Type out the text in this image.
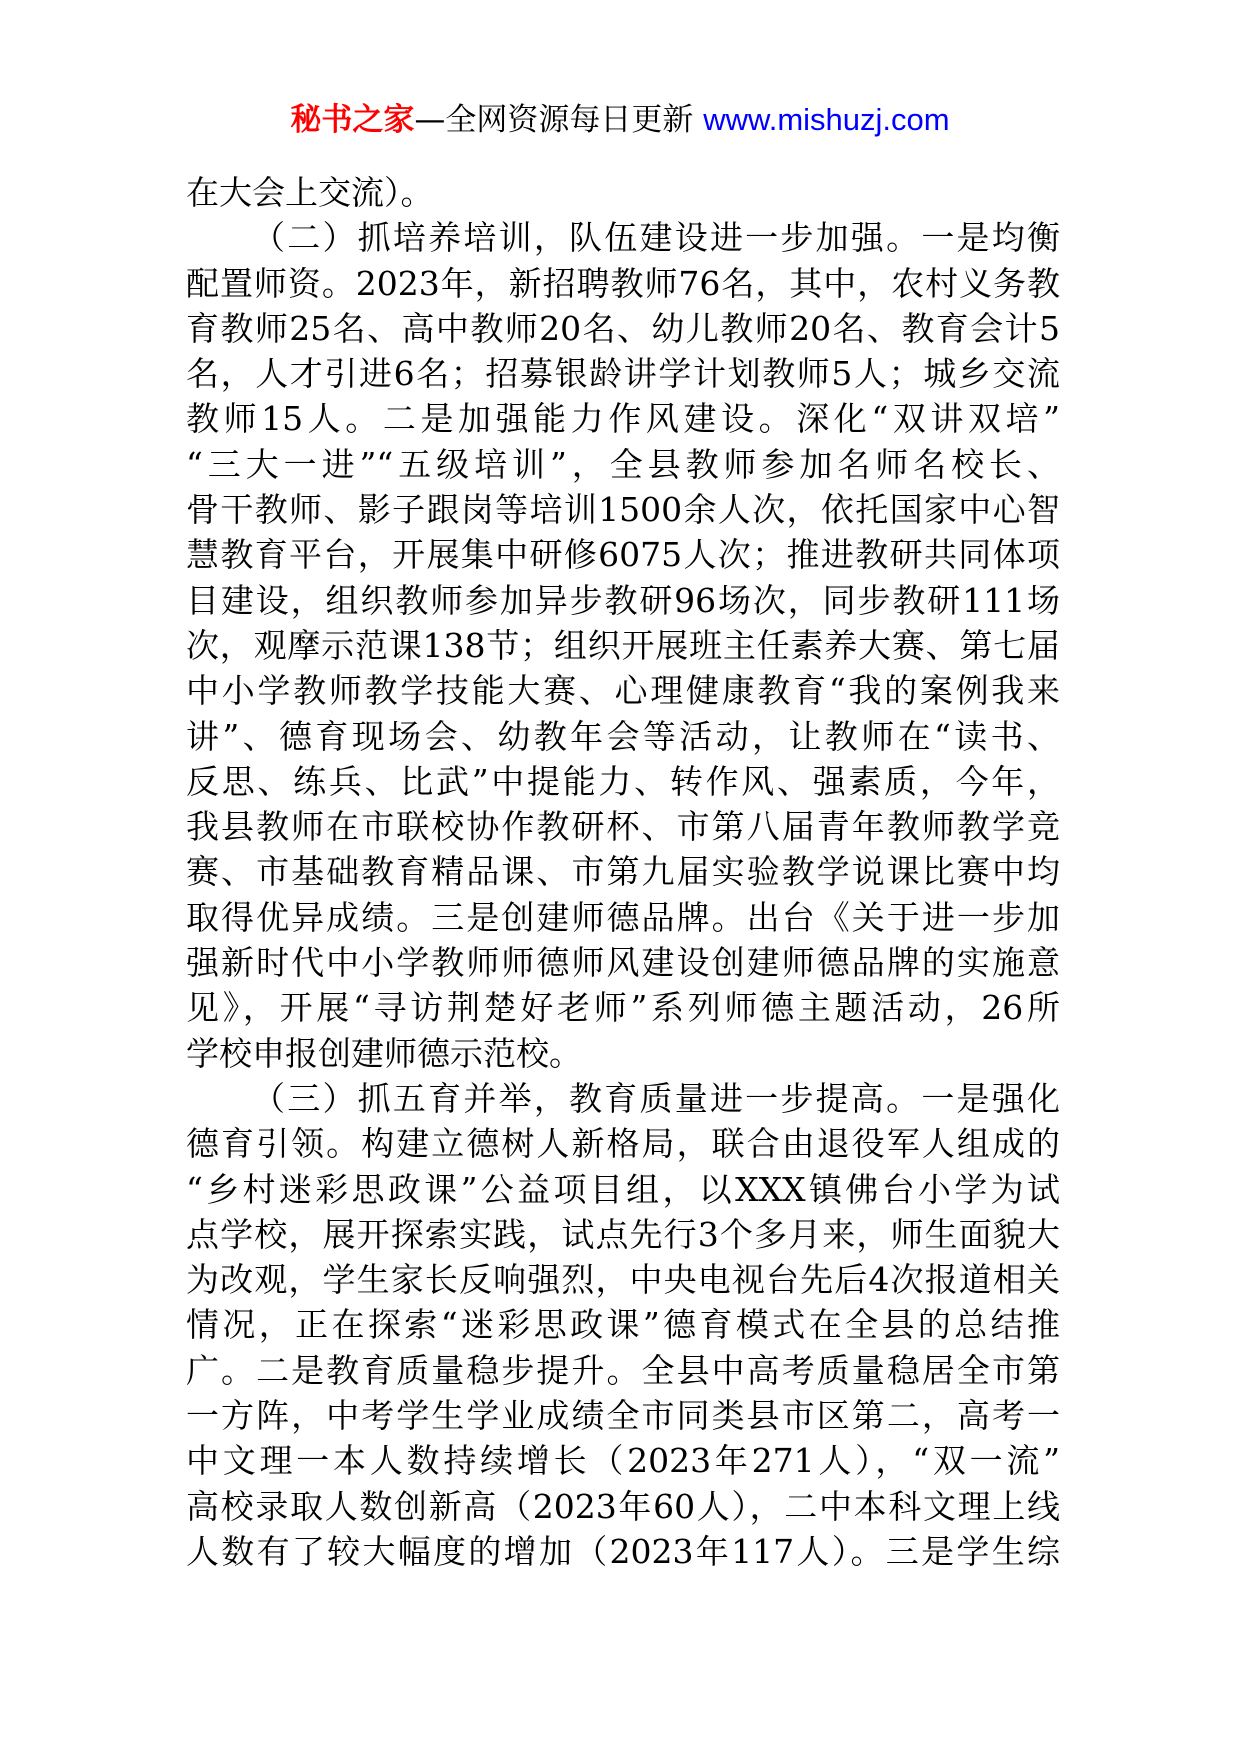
秘书之家—全网资源每日更新 www.mishuzj.com
在大会上交流）。
（二）抓培养培训，队伍建设进一步加强。一是均衡
配置师资。2023年，新招聘教师76名，其中，农村义务教
育教师25名、高中教师20名、幼儿教师20名、教育会计5
名，人才引进6名；招募银龄讲学计划教师5人；城乡交流
教师15人。二是加强能力作风建设。深化“双讲双培”
“三大一进”“五级培训”，全县教师参加名师名校长、
骨干教师、影子跟岗等培训1500余人次，依托国家中心智
慧教育平台，开展集中研修6075人次；推进教研共同体项
目建设，组织教师参加异步教研96场次，同步教研111场
次，观摩示范课138节；组织开展班主任素养大赛、第七届
中小学教师教学技能大赛、心理健康教育“我的案例我来
讲”、德育现场会、幼教年会等活动，让教师在“读书、
反思、练兵、比武”中提能力、转作风、强素质，今年，
我县教师在市联校协作教研杯、市第八届青年教师教学竞
赛、市基础教育精品课、市第九届实验教学说课比赛中均
取得优异成绩。三是创建师德品牌。出台《关于进一步加
强新时代中小学教师师德师风建设创建师德品牌的实施意
见》，开展“寻访荆楚好老师”系列师德主题活动，26所
学校申报创建师德示范校。
（三）抓五育并举，教育质量进一步提高。一是强化
德育引领。构建立德树人新格局，联合由退役军人组成的
“乡村迷彩思政课”公益项目组，以XXX镇佛台小学为试
点学校，展开探索实践，试点先行3个多月来，师生面貌大
为改观，学生家长反响强烈，中央电视台先后4次报道相关
情况，正在探索“迷彩思政课”德育模式在全县的总结推
广。二是教育质量稳步提升。全县中高考质量稳居全市第
一方阵，中考学生学业成绩全市同类县市区第二，高考一
中文理一本人数持续增长（2023年271人），“双一流”
高校录取人数创新高（2023年60人），二中本科文理上线
人数有了较大幅度的增加（2023年117人）。三是学生综
